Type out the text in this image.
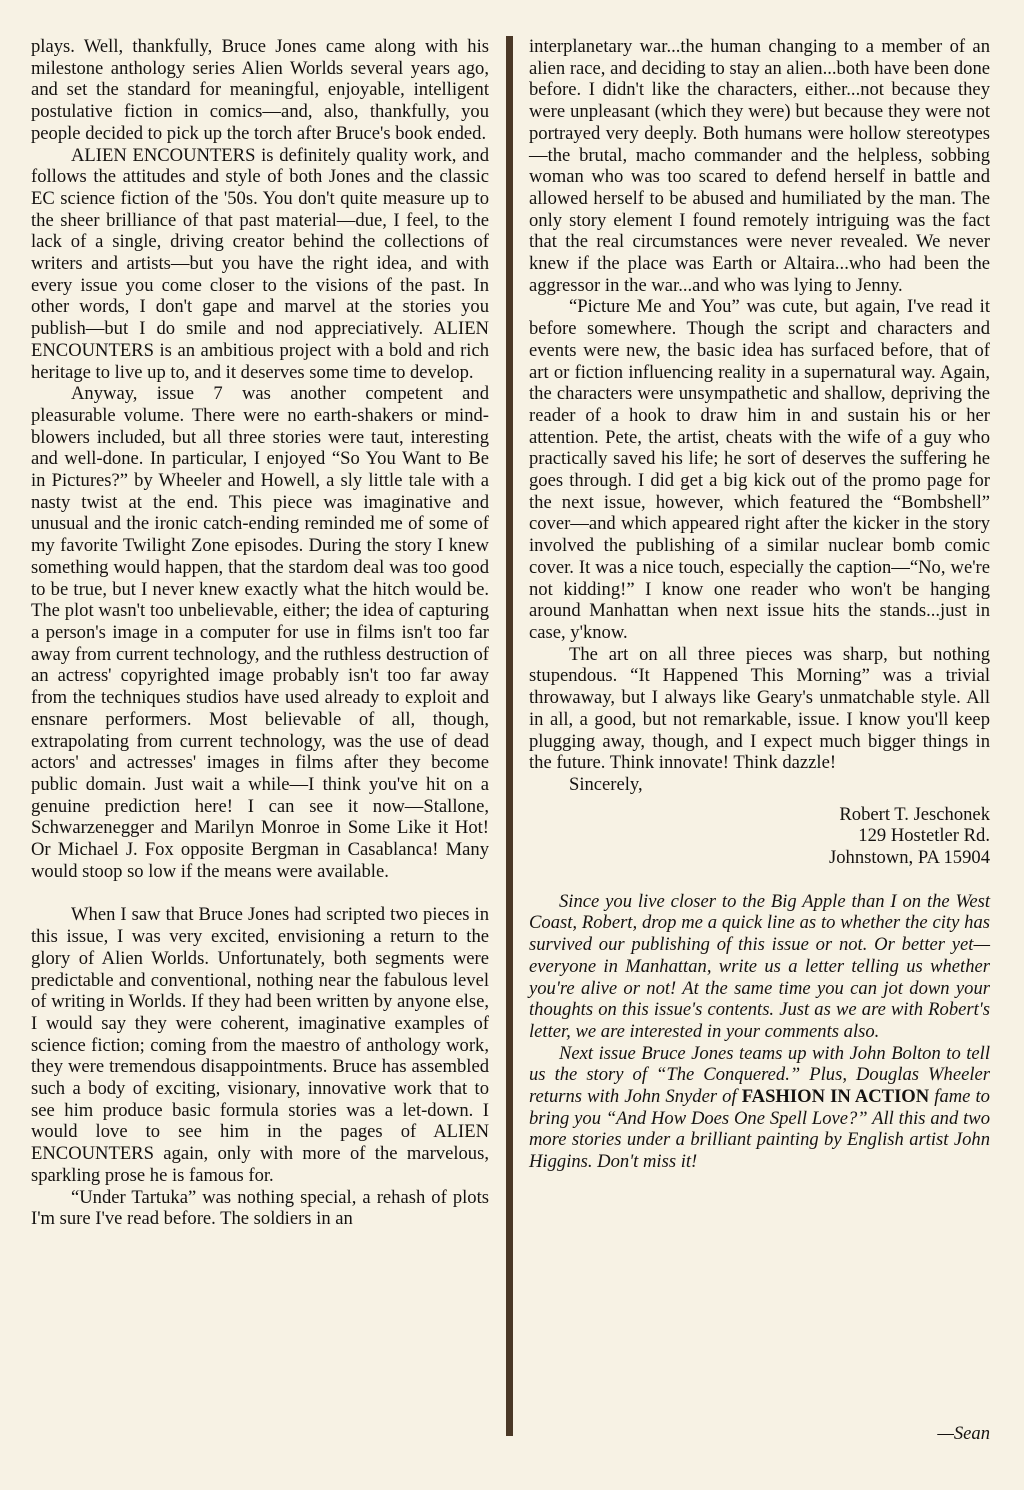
plays. Well, thankfully, Bruce Jones came along with his milestone anthology series Alien Worlds several years ago, and set the standard for meaningful, enjoyable, intelligent postulative fiction in comics—and, also, thankfully, you people decided to pick up the torch after Bruce's book ended.

ALIEN ENCOUNTERS is definitely quality work, and follows the attitudes and style of both Jones and the classic EC science fiction of the '50s. You don't quite measure up to the sheer brilliance of that past material—due, I feel, to the lack of a single, driving creator behind the collections of writers and artists—but you have the right idea, and with every issue you come closer to the visions of the past. In other words, I don't gape and marvel at the stories you publish—but I do smile and nod appreciatively. ALIEN ENCOUNTERS is an ambitious project with a bold and rich heritage to live up to, and it deserves some time to develop.

Anyway, issue 7 was another competent and pleasurable volume. There were no earth-shakers or mind-blowers included, but all three stories were taut, interesting and well-done. In particular, I enjoyed “So You Want to Be in Pictures?” by Wheeler and Howell, a sly little tale with a nasty twist at the end. This piece was imaginative and unusual and the ironic catch-ending reminded me of some of my favorite Twilight Zone episodes. During the story I knew something would happen, that the stardom deal was too good to be true, but I never knew exactly what the hitch would be. The plot wasn't too unbelievable, either; the idea of capturing a person's image in a computer for use in films isn't too far away from current technology, and the ruthless destruction of an actress' copyrighted image probably isn't too far away from the techniques studios have used already to exploit and ensnare performers. Most believable of all, though, extrapolating from current technology, was the use of dead actors' and actresses' images in films after they become public domain. Just wait a while—I think you've hit on a genuine prediction here! I can see it now—Stallone, Schwarzenegger and Marilyn Monroe in Some Like it Hot! Or Michael J. Fox opposite Bergman in Casablanca! Many would stoop so low if the means were available.

When I saw that Bruce Jones had scripted two pieces in this issue, I was very excited, envisioning a return to the glory of Alien Worlds. Unfortunately, both segments were predictable and conventional, nothing near the fabulous level of writing in Worlds. If they had been written by anyone else, I would say they were coherent, imaginative examples of science fiction; coming from the maestro of anthology work, they were tremendous disappointments. Bruce has assembled such a body of exciting, visionary, innovative work that to see him produce basic formula stories was a let-down. I would love to see him in the pages of ALIEN ENCOUNTERS again, only with more of the marvelous, sparkling prose he is famous for.

“Under Tartuka” was nothing special, a rehash of plots I'm sure I've read before. The soldiers in an

interplanetary war...the human changing to a member of an alien race, and deciding to stay an alien...both have been done before. I didn't like the characters, either...not because they were unpleasant (which they were) but because they were not portrayed very deeply. Both humans were hollow stereotypes—the brutal, macho commander and the helpless, sobbing woman who was too scared to defend herself in battle and allowed herself to be abused and humiliated by the man. The only story element I found remotely intriguing was the fact that the real circumstances were never revealed. We never knew if the place was Earth or Altaira...who had been the aggressor in the war...and who was lying to Jenny.

“Picture Me and You” was cute, but again, I've read it before somewhere. Though the script and characters and events were new, the basic idea has surfaced before, that of art or fiction influencing reality in a supernatural way. Again, the characters were unsympathetic and shallow, depriving the reader of a hook to draw him in and sustain his or her attention. Pete, the artist, cheats with the wife of a guy who practically saved his life; he sort of deserves the suffering he goes through. I did get a big kick out of the promo page for the next issue, however, which featured the “Bombshell” cover—and which appeared right after the kicker in the story involved the publishing of a similar nuclear bomb comic cover. It was a nice touch, especially the caption—“No, we're not kidding!” I know one reader who won't be hanging around Manhattan when next issue hits the stands...just in case, y'know.

The art on all three pieces was sharp, but nothing stupendous. “It Happened This Morning” was a trivial throwaway, but I always like Geary's unmatchable style. All in all, a good, but not remarkable, issue. I know you'll keep plugging away, though, and I expect much bigger things in the future. Think innovate! Think dazzle!

Sincerely,

Robert T. Jeschonek
129 Hostetler Rd.
Johnstown, PA 15904

Since you live closer to the Big Apple than I on the West Coast, Robert, drop me a quick line as to whether the city has survived our publishing of this issue or not. Or better yet—everyone in Manhattan, write us a letter telling us whether you're alive or not! At the same time you can jot down your thoughts on this issue's contents. Just as we are with Robert's letter, we are interested in your comments also.

Next issue Bruce Jones teams up with John Bolton to tell us the story of “The Conquered.” Plus, Douglas Wheeler returns with John Snyder of FASHION IN ACTION fame to bring you “And How Does One Spell Love?” All this and two more stories under a brilliant painting by English artist John Higgins. Don't miss it!

—Sean
